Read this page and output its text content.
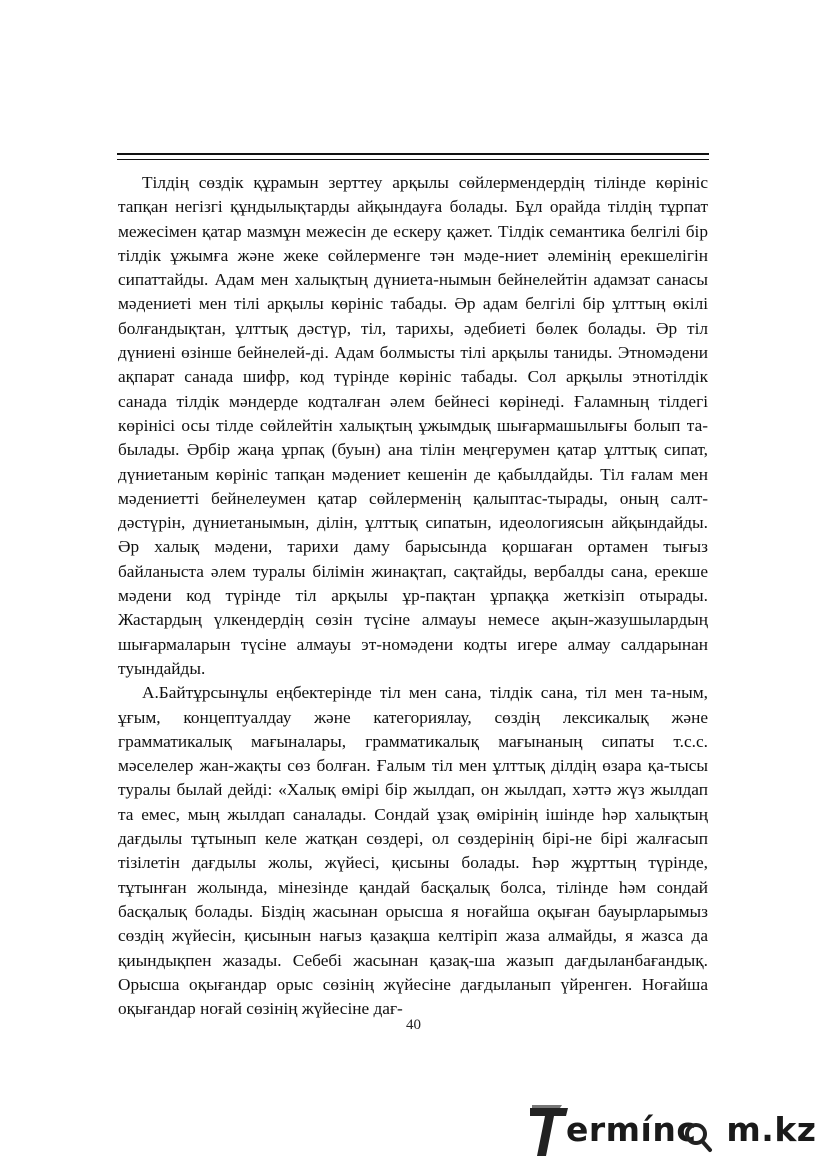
Тілдің сөздік құрамын зерттеу арқылы сөйлермендердің тілінде көрініс тапқан негізгі құндылықтарды айқындауға болады. Бұл орайда тілдің тұрпат межесімен қатар мазмұн межесін де ескеру қажет. Тілдік семантика белгілі бір тілдік ұжымға және жеке сөйлерменге тән мәде-ниет әлемінің ерекшелігін сипаттайды. Адам мен халықтың дүниета-нымын бейнелейтін адамзат санасы мәдениеті мен тілі арқылы көрініс табады. Әр адам белгілі бір ұлттың өкілі болғандықтан, ұлттық дәстүр, тіл, тарихы, әдебиеті бөлек болады. Әр тіл дүниені өзінше бейнелей-ді. Адам болмысты тілі арқылы таниды. Этномәдени ақпарат санада шифр, код түрінде көрініс табады. Сол арқылы этнотілдік санада тілдік мәндерде кодталған әлем бейнесі көрінеді. Ғаламның тілдегі көрінісі осы тілде сөйлейтін халықтың ұжымдық шығармашылығы болып та-былады. Әрбір жаңа ұрпақ (буын) ана тілін меңгерумен қатар ұлттық сипат, дүниетаным көрініс тапқан мәдениет кешенін де қабылдайды. Тіл ғалам мен мәдениетті бейнелеумен қатар сөйлерменің қалыптас-тырады, оның салт-дәстүрін, дүниетанымын, ділін, ұлттық сипатын, идеологиясын айқындайды. Әр халық мәдени, тарихи даму барысында қоршаған ортамен тығыз байланыста әлем туралы білімін жинақтап, сақтайды, вербалды сана, ерекше мәдени код түрінде тіл арқылы ұр-пақтан ұрпаққа жеткізіп отырады. Жастардың үлкендердің сөзін түсіне алмауы немесе ақын-жазушылардың шығармаларын түсіне алмауы эт-номәдени кодты игере алмау салдарынан туындайды.

А.Байтұрсынұлы еңбектерінде тіл мен сана, тілдік сана, тіл мен та-ным, ұғым, концептуалдау және категориялау, сөздің лексикалық және грамматикалық мағыналары, грамматикалық мағынаның сипаты т.с.с. мәселелер жан-жақты сөз болған. Ғалым тіл мен ұлттық ділдің өзара қа-тысы туралы былай дейді: «Халық өмірі бір жылдап, он жылдап, хәттә жүз жылдап та емес, мың жылдап саналады. Сондай ұзақ өмірінің ішінде һәр халықтың дағдылы тұтынып келе жатқан сөздері, ол сөздерінің бірі-не бірі жалғасып тізілетін дағдылы жолы, жүйесі, қисыны болады. Һәр жұрттың түрінде, тұтынған жолында, мінезінде қандай басқалық болса, тілінде һәм сондай басқалық болады. Біздің жасынан орысша я ноғайша оқыған бауырларымыз сөздің жүйесін, қисынын нағыз қазақша келтіріп жаза алмайды, я жазса да қиындықпен жазады. Себебі жасынан қазақ-ша жазып дағдыланбағандық. Орысша оқығандар орыс сөзінің жүйесіне дағдыланып үйренген. Ноғайша оқығандар ноғай сөзінің жүйесіне дағ-

40
ermínc m.kz
